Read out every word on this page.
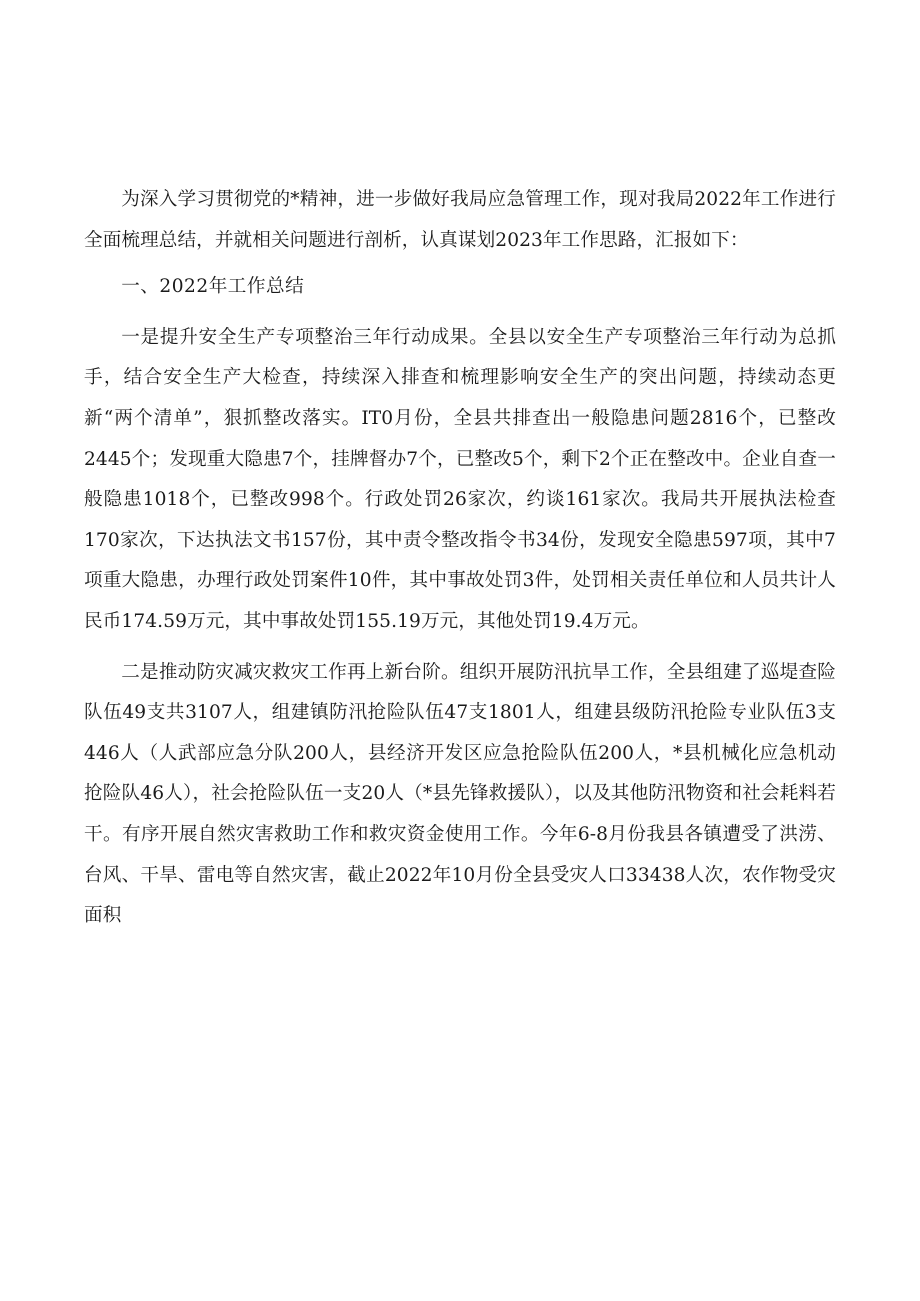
为深入学习贯彻党的*精神，进一步做好我局应急管理工作，现对我局2022年工作进行全面梳理总结，并就相关问题进行剖析，认真谋划2023年工作思路，汇报如下：

一、2022年工作总结

一是提升安全生产专项整治三年行动成果。全县以安全生产专项整治三年行动为总抓手，结合安全生产大检查，持续深入排查和梳理影响安全生产的突出问题，持续动态更新“两个清单”，狠抓整改落实。IT0月份，全县共排查出一般隐患问题2816个，已整改2445个；发现重大隐患7个，挂牌督办7个，已整改5个，剩下2个正在整改中。企业自查一般隐患1018个，已整改998个。行政处罚26家次，约谈161家次。我局共开展执法检查170家次，下达执法文书157份，其中责令整改指令书34份，发现安全隐患597项，其中7项重大隐患，办理行政处罚案件10件，其中事故处罚3件，处罚相关责任单位和人员共计人民币174.59万元，其中事故处罚155.19万元，其他处罚19.4万元。

二是推动防灾减灾救灾工作再上新台阶。组织开展防汛抗旱工作，全县组建了巡堤查险队伍49支共3107人，组建镇防汛抢险队伍47支1801人，组建县级防汛抢险专业队伍3支446人（人武部应急分队200人，县经济开发区应急抢险队伍200人，*县机械化应急机动抢险队46人），社会抢险队伍一支20人（*县先锋救援队），以及其他防汛物资和社会耗料若干。有序开展自然灾害救助工作和救灾资金使用工作。今年6-8月份我县各镇遭受了洪涝、台风、干旱、雷电等自然灾害，截止2022年10月份全县受灾人口33438人次，农作物受灾面积
